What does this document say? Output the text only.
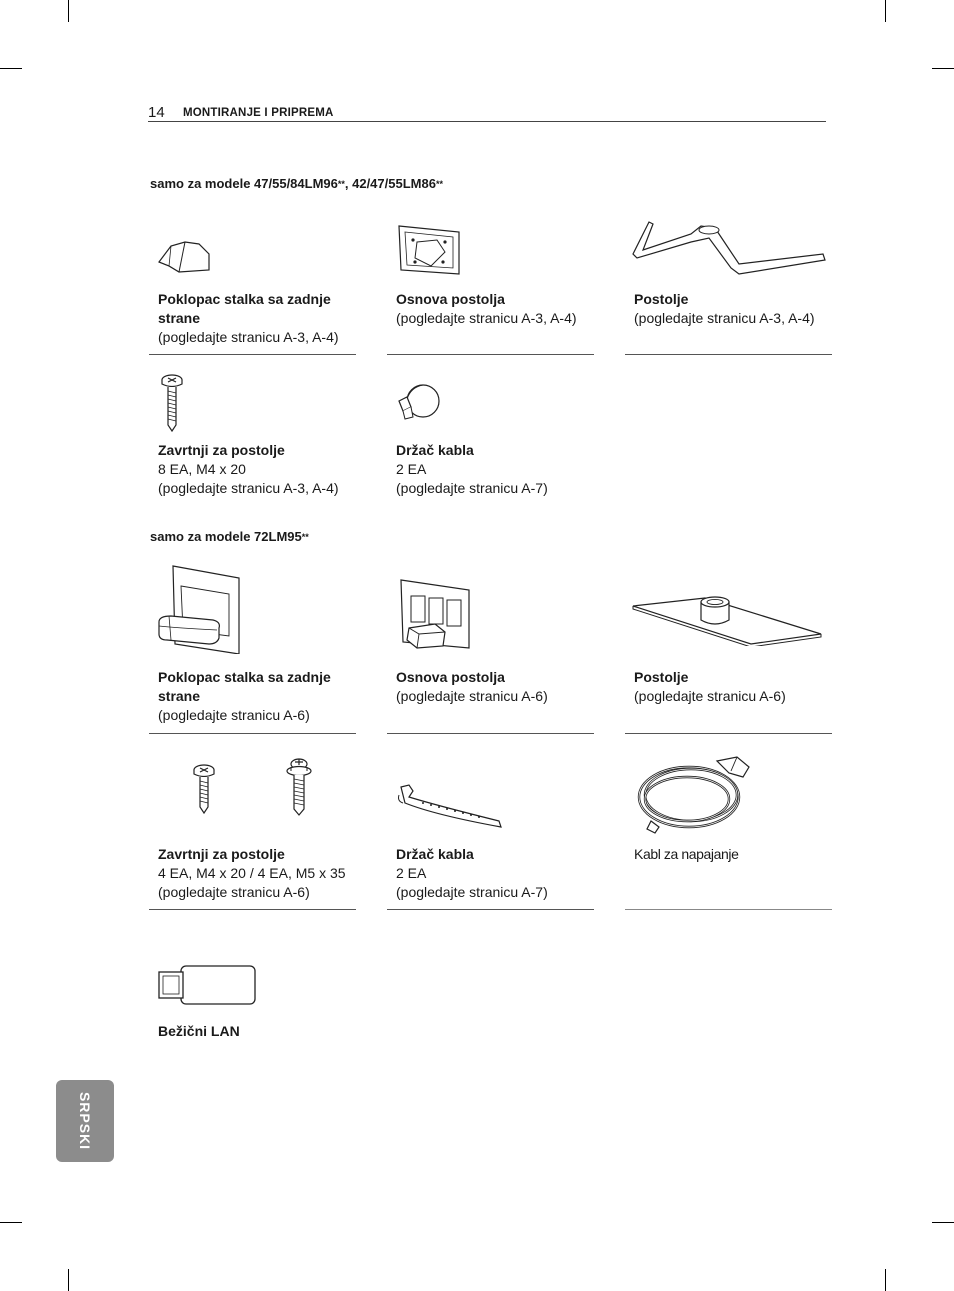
14 MONTIRANJE I PRIPREMA
samo za modele 47/55/84LM96**, 42/47/55LM86**
Poklopac stalka sa zadnje strane
(pogledajte stranicu A-3, A-4)
Osnova postolja
(pogledajte stranicu A-3, A-4)
Postolje
(pogledajte stranicu A-3, A-4)
Zavrtnji za postolje
8 EA, M4 x 20
(pogledajte stranicu A-3, A-4)
Držač kabla
2 EA
(pogledajte stranicu A-7)
samo za modele 72LM95**
Poklopac stalka sa zadnje strane
(pogledajte stranicu A-6)
Osnova postolja
(pogledajte stranicu A-6)
Postolje
(pogledajte stranicu A-6)
Zavrtnji za postolje
4 EA, M4 x 20 / 4 EA, M5 x 35
(pogledajte stranicu A-6)
Držač kabla
2 EA
(pogledajte stranicu A-7)
Kabl za napajanje
Bežični LAN
SRPSKI
